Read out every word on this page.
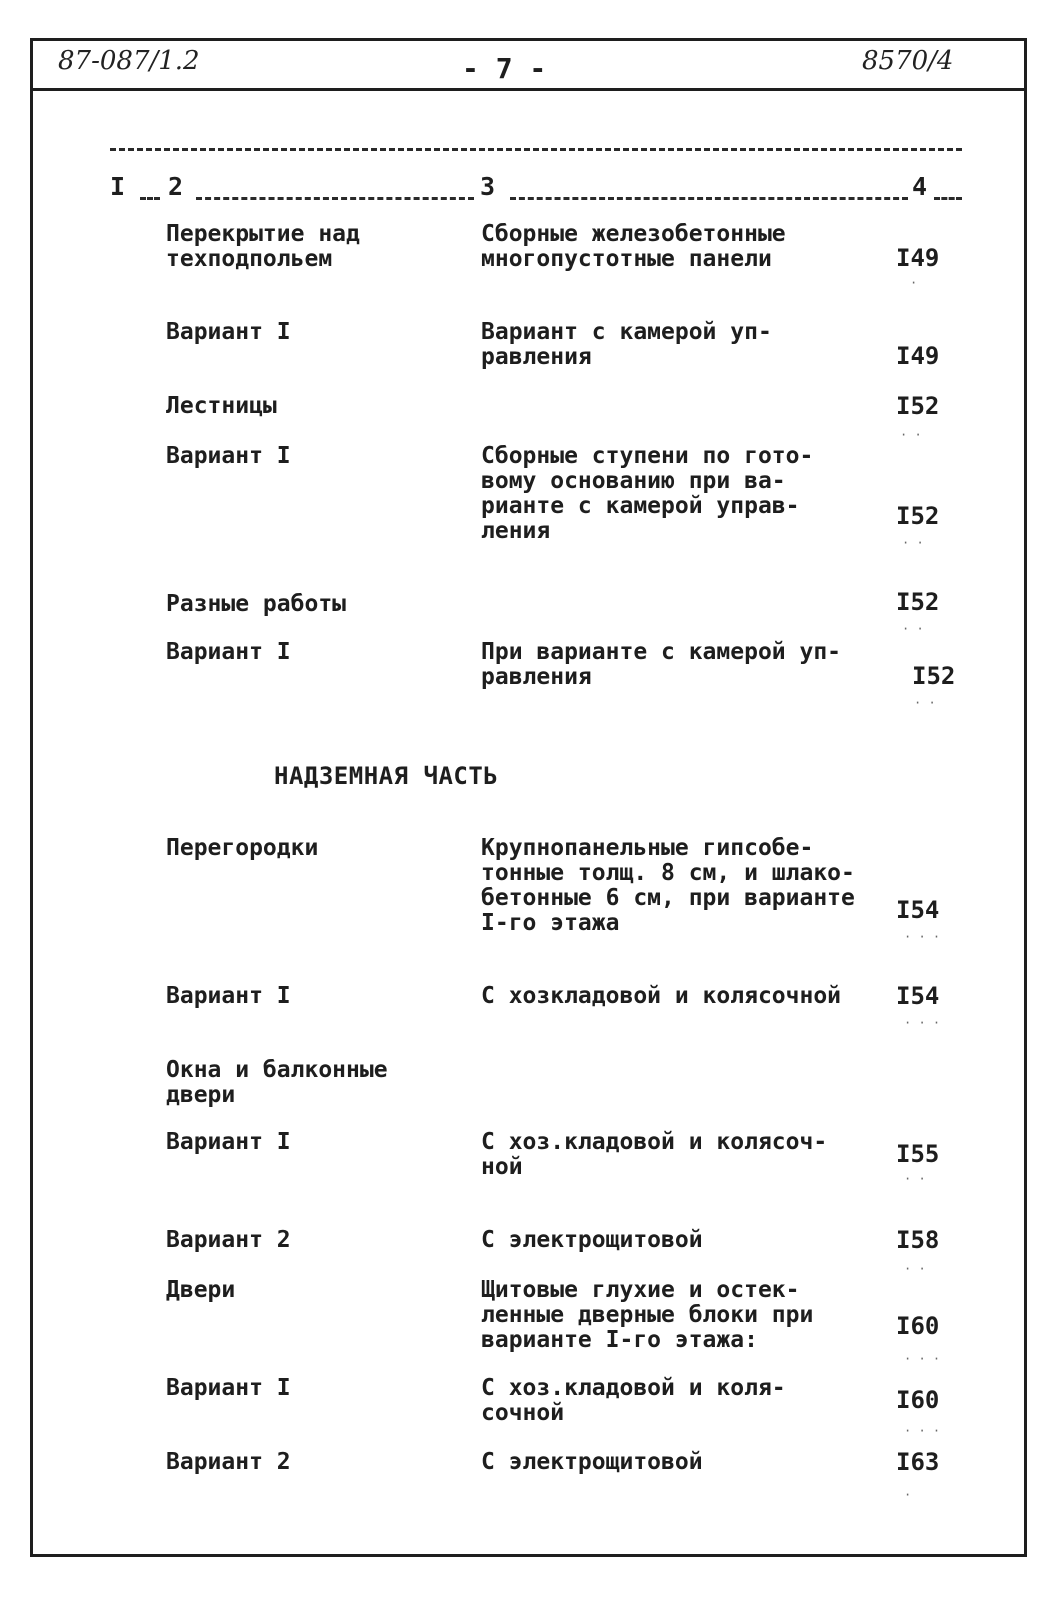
87-087/1.2	- 7 -	8570/4
I 2	3	4
Перекрытие над
техподпольем
Сборные железобетонные
многопустотные панели	I49
Вариант I	Вариант с камерой уп-
равления	I49
Лестницы	I52
Вариант I	Сборные ступени по гото-
вому основанию при ва-
рианте с камерой управ-
ления
I52
Разные работы	I52
Вариант I	При варианте с камерой уп-
равления	I52
НАДЗЕМНАЯ ЧАСТЬ
Перегородки	Крупнопанельные гипсобе-
тонные толщ. 8 см, и шлако-
бетонные 6 см, при варианте
I-го этажа	I54
Вариант I	С хозкладовой и колясочной I54
Окна и балконные
двери
Вариант I	С хоз.кладовой и колясоч-
ной	I55
Вариант 2	С электрощитовой	I58
Двери	Щитовые глухие и остек-
ленные дверные блоки при
варианте I-го этажа:	I60
Вариант I	С хоз.кладовой и коля-
сочной	I60
Вариант 2	С электрощитовой	I63
·
· ·
· ·
· ·
· ·
· · ·
· · ·
· ·
· ·
· · ·
· · ·
·
